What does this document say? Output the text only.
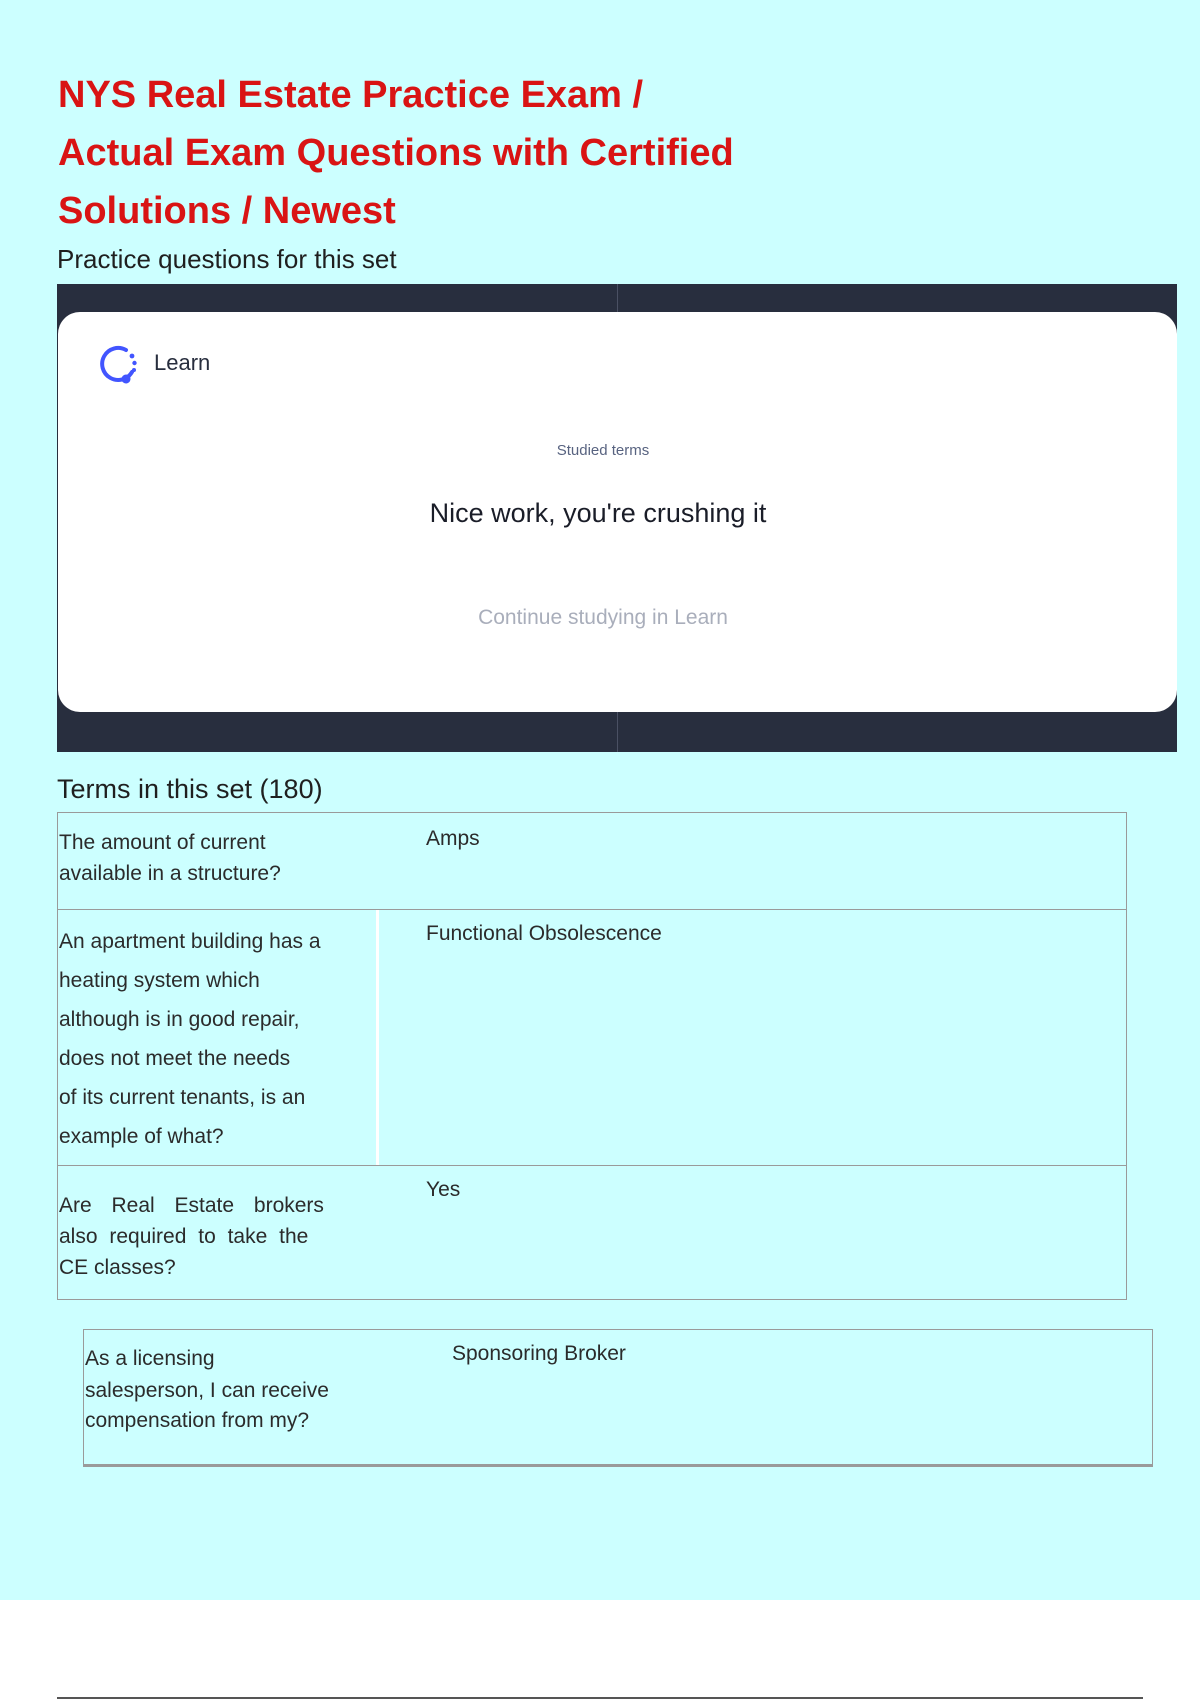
NYS Real Estate Practice Exam /
Actual Exam Questions with Certified
Solutions / Newest
Practice questions for this set
Learn
Studied terms
Nice work, you're crushing it
Continue studying in Learn
Terms in this set (180)
The amount of current
available in a structure?
Amps
An apartment building has a
heating system which
although is in good repair,
does not meet the needs
of its current tenants, is an
example of what?
Functional Obsolescence
Are Real Estate brokers
also required to take the
CE classes?
Yes
As a licensing
salesperson, I can receive
compensation from my?
Sponsoring Broker
